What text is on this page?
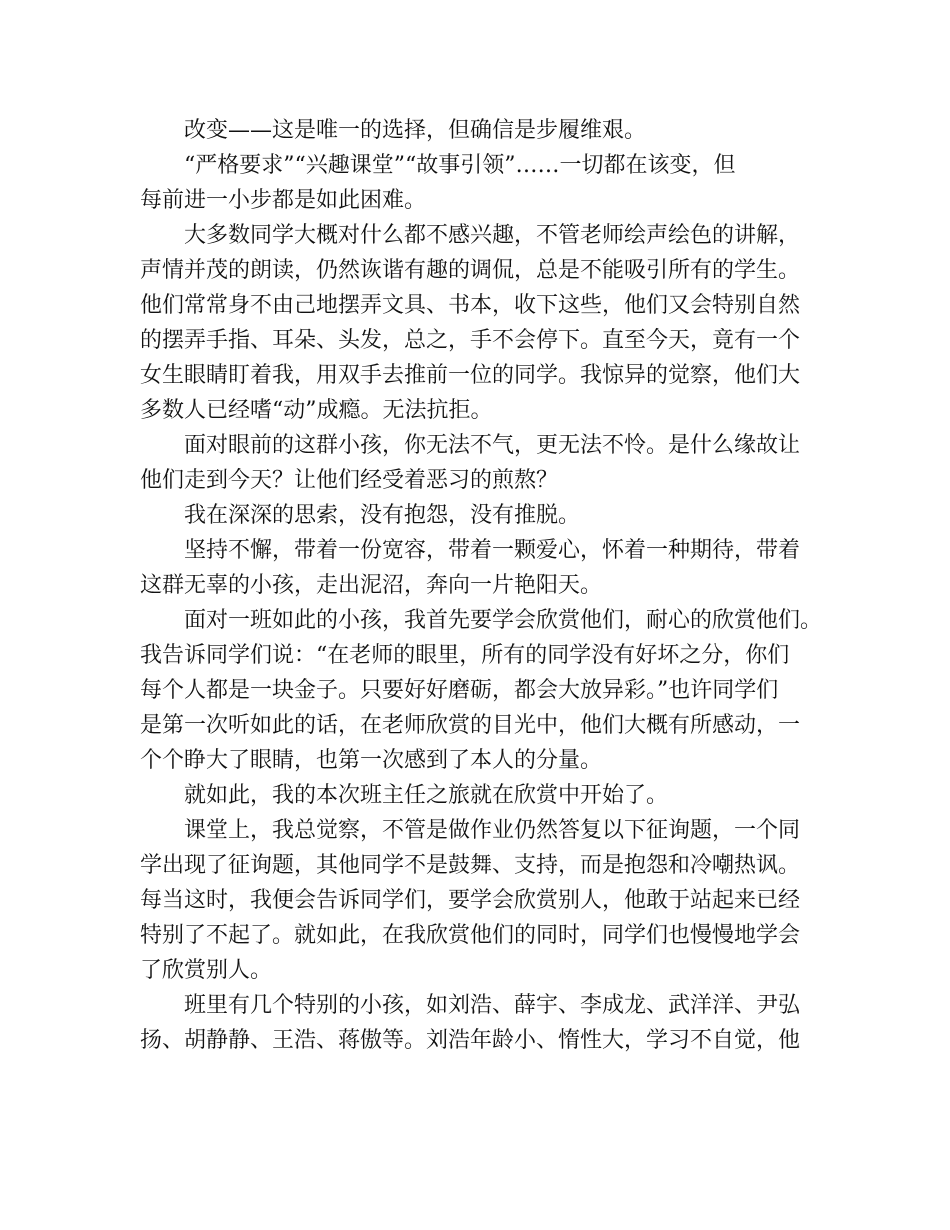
改变——这是唯一的选择，但确信是步履维艰。
“严格要求”“兴趣课堂”“故事引领”……一切都在该变，但
每前进一小步都是如此困难。
大多数同学大概对什么都不感兴趣，不管老师绘声绘色的讲解，
声情并茂的朗读，仍然诙谐有趣的调侃，总是不能吸引所有的学生。
他们常常身不由己地摆弄文具、书本，收下这些，他们又会特别自然
的摆弄手指、耳朵、头发，总之，手不会停下。直至今天，竟有一个
女生眼睛盯着我，用双手去推前一位的同学。我惊异的觉察，他们大
多数人已经嗜“动”成瘾。无法抗拒。
面对眼前的这群小孩，你无法不气，更无法不怜。是什么缘故让
他们走到今天？让他们经受着恶习的煎熬？
我在深深的思索，没有抱怨，没有推脱。
坚持不懈，带着一份宽容，带着一颗爱心，怀着一种期待，带着
这群无辜的小孩，走出泥沼，奔向一片艳阳天。
面对一班如此的小孩，我首先要学会欣赏他们，耐心的欣赏他们。
我告诉同学们说：“在老师的眼里，所有的同学没有好坏之分，你们
每个人都是一块金子。只要好好磨砺，都会大放异彩。”也许同学们
是第一次听如此的话，在老师欣赏的目光中，他们大概有所感动，一
个个睁大了眼睛，也第一次感到了本人的分量。
就如此，我的本次班主任之旅就在欣赏中开始了。
课堂上，我总觉察，不管是做作业仍然答复以下征询题，一个同
学出现了征询题，其他同学不是鼓舞、支持，而是抱怨和冷嘲热讽。
每当这时，我便会告诉同学们，要学会欣赏别人，他敢于站起来已经
特别了不起了。就如此，在我欣赏他们的同时，同学们也慢慢地学会
了欣赏别人。
班里有几个特别的小孩，如刘浩、薛宇、李成龙、武洋洋、尹弘
扬、胡静静、王浩、蒋傲等。刘浩年龄小、惰性大，学习不自觉，他
